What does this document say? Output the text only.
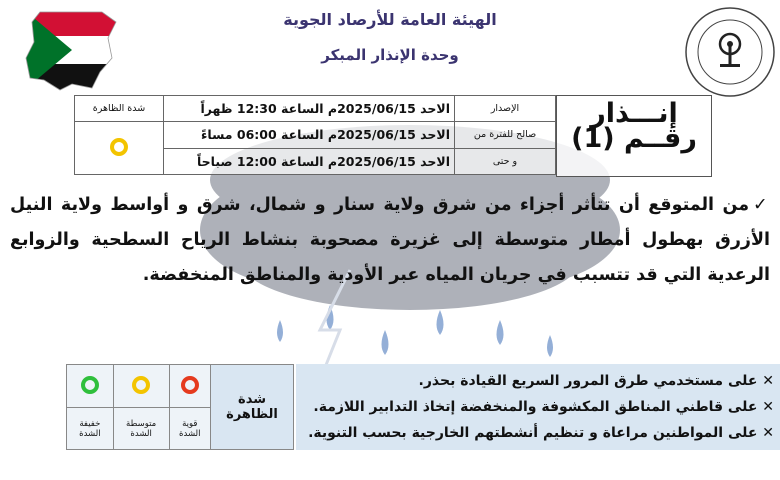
الهيئة العامة للأرصاد الجوية
وحدة الإنذار المبكر
إنـــذار
رقــم (1)
الإصدار	الاحد 2025/06/15م الساعة 12:30 ظهراً	شدة الظاهرة
صالح للفترة من	الاحد 2025/06/15م الساعة 06:00 مساءً	
و حتى	الاحد 2025/06/15م الساعة 12:00 صباحاً	
✓من المتوقع أن تتأثر أجزاء من شرق ولاية سنار و شمال، شرق و أواسط ولاية النيل الأزرق بهطول أمطار متوسطة إلى غزيرة مصحوبة بنشاط الرياح السطحية والزوابع الرعدية التي قد تتسبب في جريان المياه عبر الأودية والمناطق المنخفضة.
شدة الظاهرة			
	قوية الشدة	متوسطة الشدة	خفيفة الشدة
✕ على مستخدمي طرق المرور السريع القيادة بحذر.
✕ على قاطني المناطق المكشوفة والمنخفضة إتخاذ التدابير اللازمة.
✕ على المواطنين مراعاة و تنظيم أنشطتهم الخارجية بحسب التنوية.
